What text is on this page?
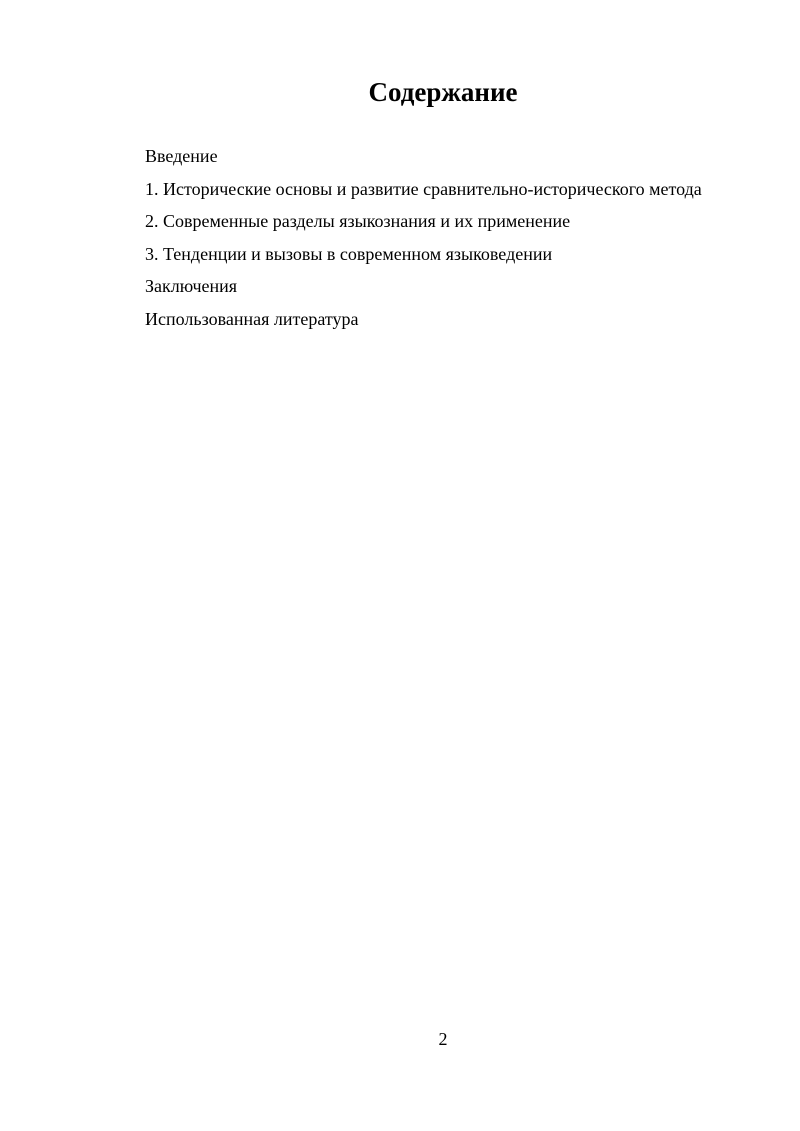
Содержание
Введение
1. Исторические основы и развитие сравнительно-исторического метода
2. Современные разделы языкознания и их применение
3. Тенденции и вызовы в современном языковедении
Заключения
Использованная литература
2
